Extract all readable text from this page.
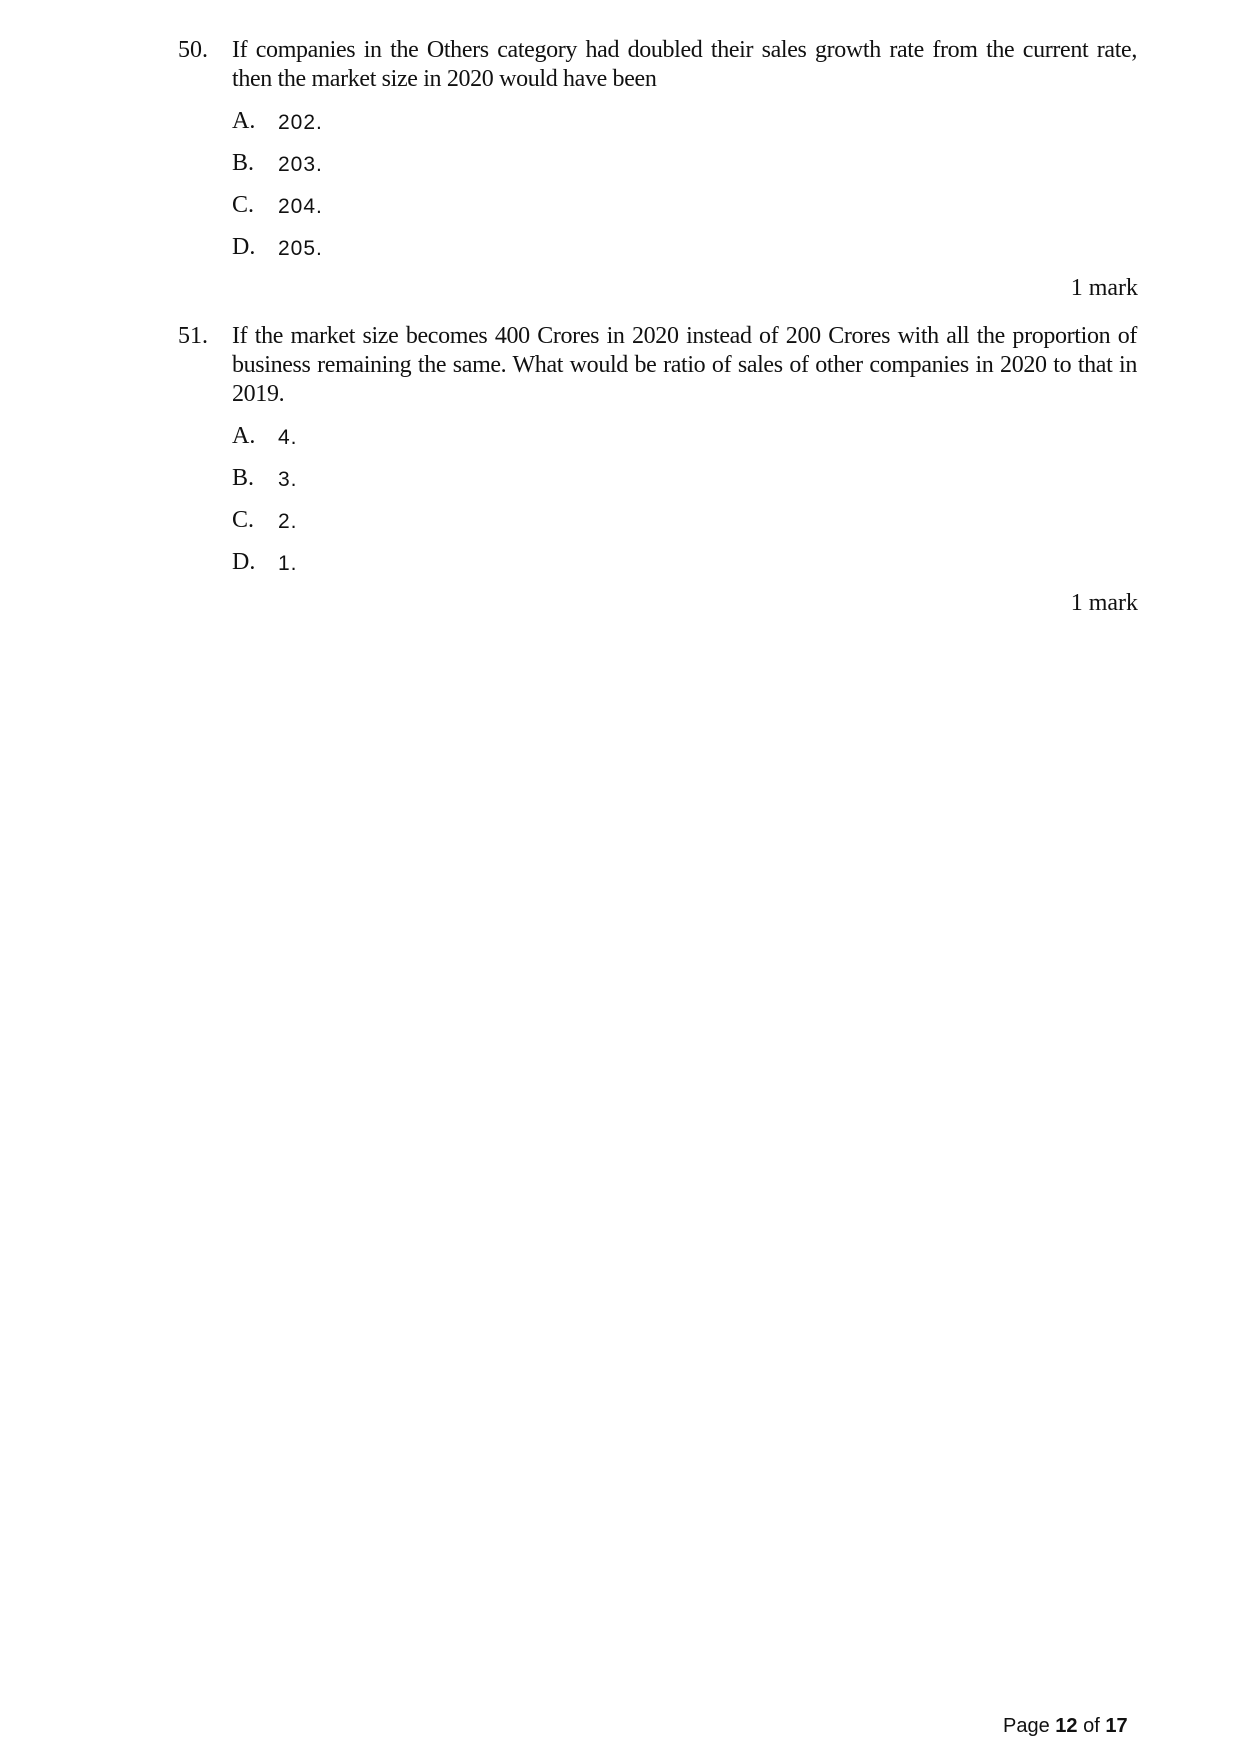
50. If companies in the Others category had doubled their sales growth rate from the current rate, then the market size in 2020 would have been
A. 202.
B. 203.
C. 204.
D. 205.
1 mark
51. If the market size becomes 400 Crores in 2020 instead of 200 Crores with all the proportion of business remaining the same. What would be ratio of sales of other companies in 2020 to that in 2019.
A. 4.
B. 3.
C. 2.
D. 1.
1 mark
Page 12 of 17
